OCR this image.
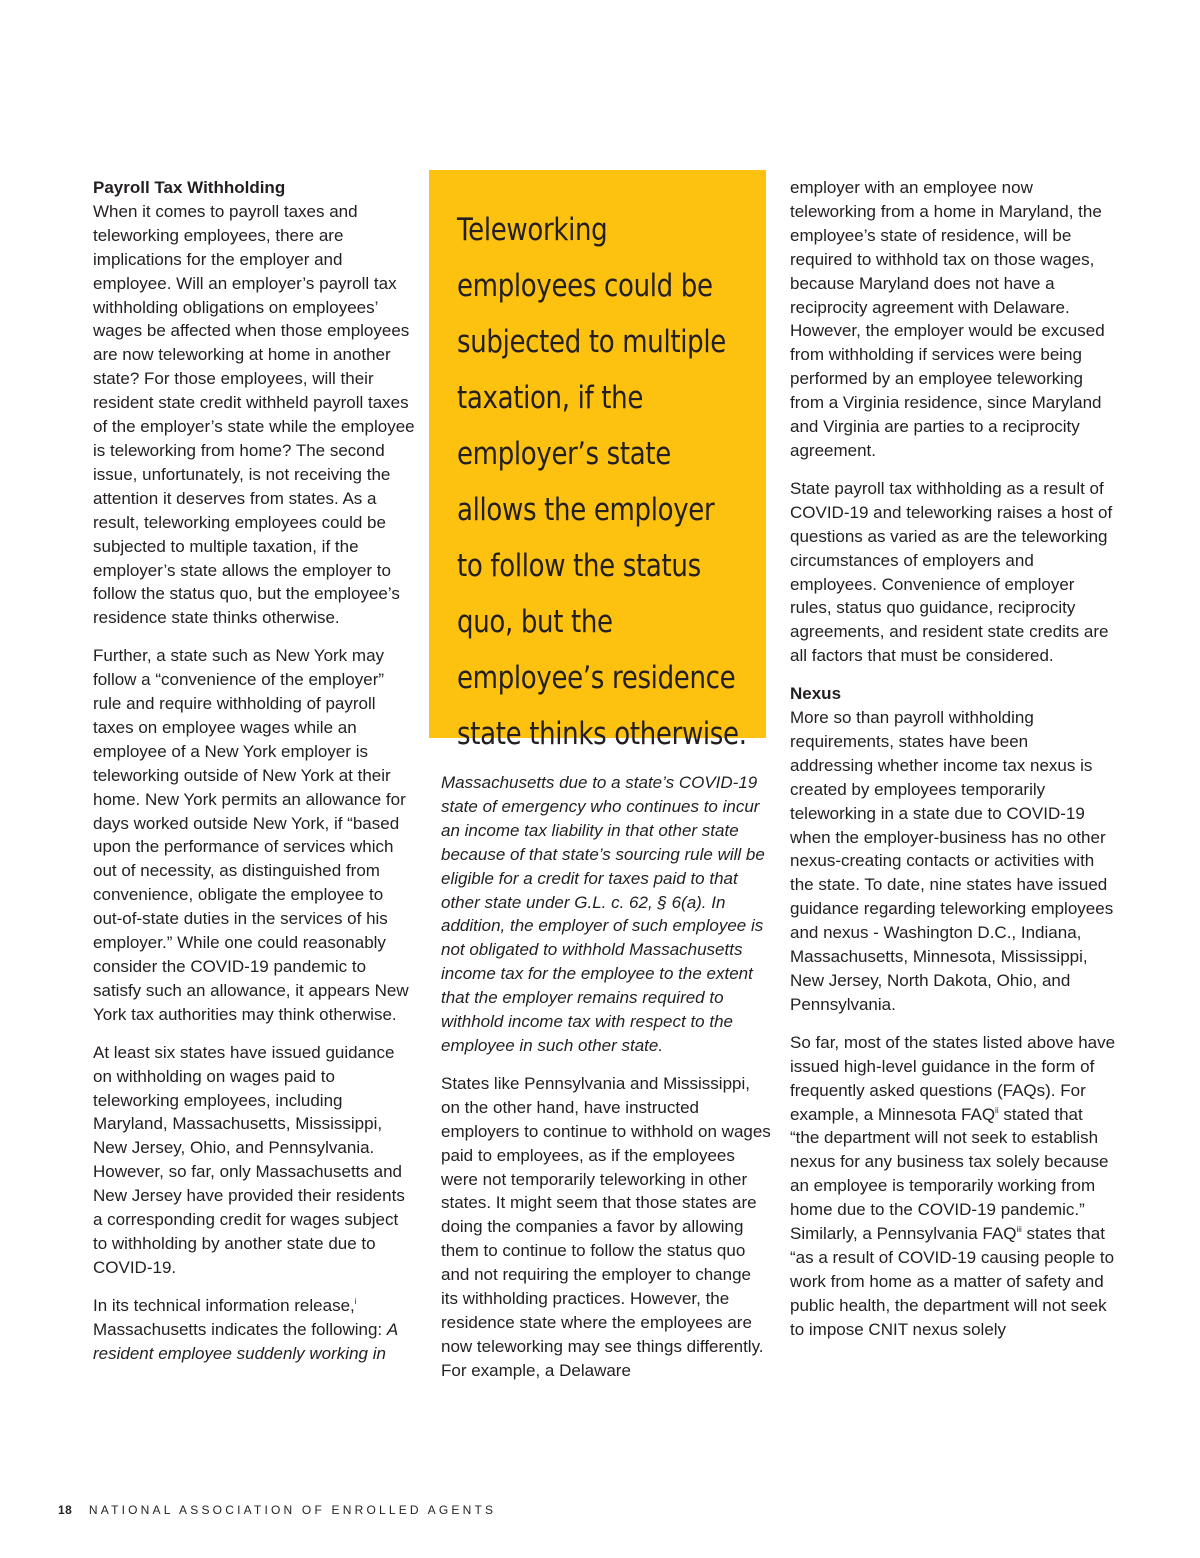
Payroll Tax Withholding

When it comes to payroll taxes and teleworking employees, there are implications for the employer and employee. Will an employer’s payroll tax withholding obligations on employees’ wages be affected when those employees are now teleworking at home in another state? For those employees, will their resident state credit withheld payroll taxes of the employer’s state while the employee is teleworking from home? The second issue, unfortunately, is not receiving the attention it deserves from states. As a result, teleworking employees could be subjected to multiple taxation, if the employer’s state allows the employer to follow the status quo, but the employee’s residence state thinks otherwise.

Further, a state such as New York may follow a “convenience of the employer” rule and require withholding of payroll taxes on employee wages while an employee of a New York employer is teleworking outside of New York at their home. New York permits an allowance for days worked outside New York, if “based upon the performance of services which out of necessity, as distinguished from convenience, obligate the employee to out-of-state duties in the services of his employer.” While one could reasonably consider the COVID-19 pandemic to satisfy such an allowance, it appears New York tax authorities may think otherwise.

At least six states have issued guidance on withholding on wages paid to teleworking employees, including Maryland, Massachusetts, Mississippi, New Jersey, Ohio, and Pennsylvania. However, so far, only Massachusetts and New Jersey have provided their residents a corresponding credit for wages subject to withholding by another state due to COVID-19.

In its technical information release,$^i$ Massachusetts indicates the following: A resident employee suddenly working in

Teleworking employees could be subjected to multiple taxation, if the employer’s state allows the employer to follow the status quo, but the employee’s residence state thinks otherwise.

Massachusetts due to a state’s COVID-19 state of emergency who continues to incur an income tax liability in that other state because of that state’s sourcing rule will be eligible for a credit for taxes paid to that other state under G.L. c. 62, § 6(a). In addition, the employer of such employee is not obligated to withhold Massachusetts income tax for the employee to the extent that the employer remains required to withhold income tax with respect to the employee in such other state.

States like Pennsylvania and Mississippi, on the other hand, have instructed employers to continue to withhold on wages paid to employees, as if the employees were not temporarily teleworking in other states. It might seem that those states are doing the companies a favor by allowing them to continue to follow the status quo and not requiring the employer to change its withholding practices. However, the residence state where the employees are now teleworking may see things differently. For example, a Delaware

employer with an employee now teleworking from a home in Maryland, the employee’s state of residence, will be required to withhold tax on those wages, because Maryland does not have a reciprocity agreement with Delaware. However, the employer would be excused from withholding if services were being performed by an employee teleworking from a Virginia residence, since Maryland and Virginia are parties to a reciprocity agreement.

State payroll tax withholding as a result of COVID-19 and teleworking raises a host of questions as varied as are the teleworking circumstances of employers and employees. Convenience of employer rules, status quo guidance, reciprocity agreements, and resident state credits are all factors that must be considered.

Nexus

More so than payroll withholding requirements, states have been addressing whether income tax nexus is created by employees temporarily teleworking in a state due to COVID-19 when the employer-business has no other nexus-creating contacts or activities with the state. To date, nine states have issued guidance regarding teleworking employees and nexus - Washington D.C., Indiana, Massachusetts, Minnesota, Mississippi, New Jersey, North Dakota, Ohio, and Pennsylvania.

So far, most of the states listed above have issued high-level guidance in the form of frequently asked questions (FAQs). For example, a Minnesota FAQ$^{ii}$ stated that “the department will not seek to establish nexus for any business tax solely because an employee is temporarily working from home due to the COVID-19 pandemic.” Similarly, a Pennsylvania FAQ$^{iii}$ states that “as a result of COVID-19 causing people to work from home as a matter of safety and public health, the department will not seek to impose CNIT nexus solely

18 NATIONAL ASSOCIATION OF ENROLLED AGENTS
